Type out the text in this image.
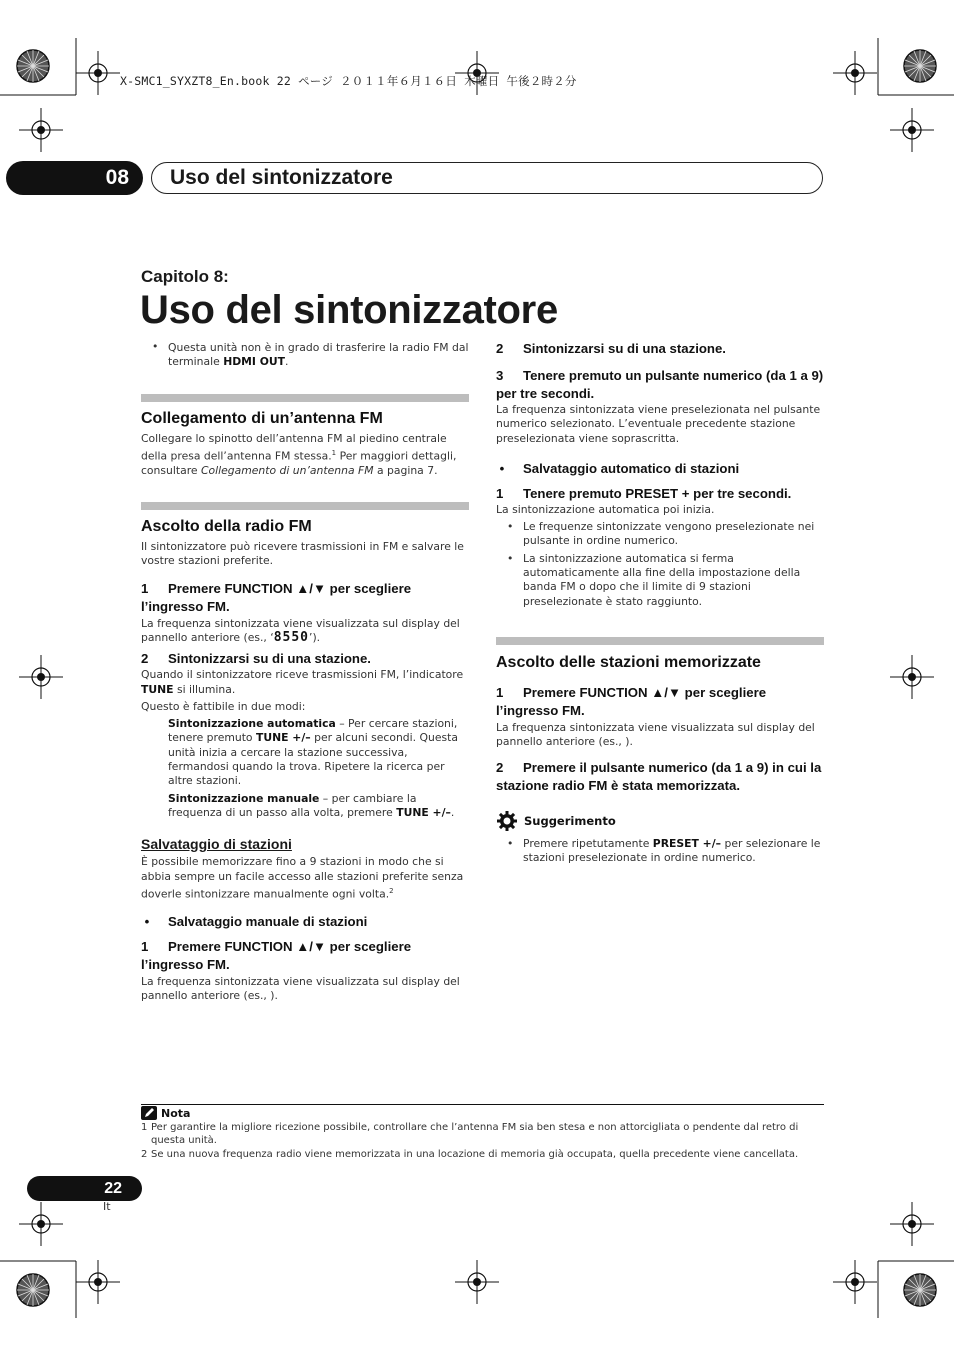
X-SMC1_SYXZT8_En.book 22 ページ ２０１１年６月１６日 木曜日 午後２時２分
08 Uso del sintonizzatore
Capitolo 8:
Uso del sintonizzatore
• Questa unità non è in grado di trasferire la radio FM dal terminale HDMI OUT.
Collegamento di un’antenna FM
Collegare lo spinotto dell’antenna FM al piedino centrale della presa dell’antenna FM stessa.$^1$ Per maggiori dettagli, consultare Collegamento di un’antenna FM a pagina 7.
Ascolto della radio FM
Il sintonizzatore può ricevere trasmissioni in FM e salvare le vostre stazioni preferite.
1 Premere FUNCTION ▲/▼ per scegliere l’ingresso FM.
La frequenza sintonizzata viene visualizzata sul display del pannello anteriore (es., ‘8550’).
2 Sintonizzarsi su di una stazione.
Quando il sintonizzatore riceve trasmissioni FM, l’indicatore TUNE si illumina.
Questo è fattibile in due modi:
Sintonizzazione automatica – Per cercare stazioni, tenere premuto TUNE +/– per alcuni secondi. Questa unità inizia a cercare la stazione successiva, fermandosi quando la trova. Ripetere la ricerca per altre stazioni.
Sintonizzazione manuale – per cambiare la frequenza di un passo alla volta, premere TUNE +/–.
Salvataggio di stazioni
È possibile memorizzare fino a 9 stazioni in modo che si abbia sempre un facile accesso alle stazioni preferite senza doverle sintonizzare manualmente ogni volta.$^2$
• Salvataggio manuale di stazioni
1 Premere FUNCTION ▲/▼ per scegliere l’ingresso FM.
La frequenza sintonizzata viene visualizzata sul display del pannello anteriore (es., ).
2 Sintonizzarsi su di una stazione.
3 Tenere premuto un pulsante numerico (da 1 a 9) per tre secondi.
La frequenza sintonizzata viene preselezionata nel pulsante numerico selezionato. L’eventuale precedente stazione preselezionata viene soprascritta.
• Salvataggio automatico di stazioni
1 Tenere premuto PRESET + per tre secondi.
La sintonizzazione automatica poi inizia.
• Le frequenze sintonizzate vengono preselezionate nei pulsante in ordine numerico.
• La sintonizzazione automatica si ferma automaticamente alla fine della impostazione della banda FM o dopo che il limite di 9 stazioni preselezionate è stato raggiunto.
Ascolto delle stazioni memorizzate
1 Premere FUNCTION ▲/▼ per scegliere l’ingresso FM.
La frequenza sintonizzata viene visualizzata sul display del pannello anteriore (es., ).
2 Premere il pulsante numerico (da 1 a 9) in cui la stazione radio FM è stata memorizzata.
Suggerimento
• Premere ripetutamente PRESET +/– per selezionare le stazioni preselezionate in ordine numerico.
Nota
1 Per garantire la migliore ricezione possibile, controllare che l’antenna FM sia ben stesa e non attorcigliata o pendente dal retro di questa unità.
2 Se una nuova frequenza radio viene memorizzata in una locazione di memoria già occupata, quella precedente viene cancellata.
22
It
